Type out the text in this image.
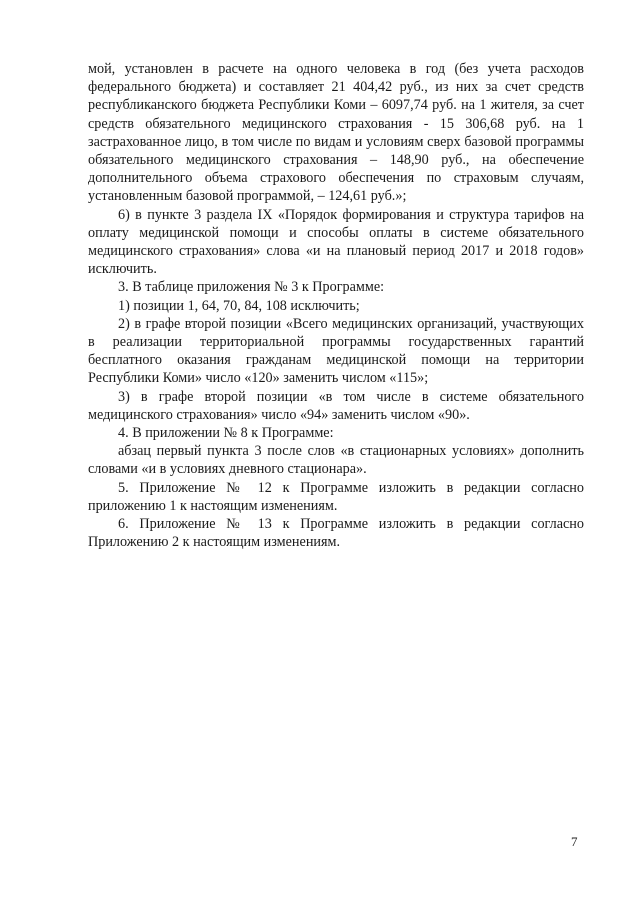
мой, установлен в расчете на одного человека в год (без учета расходов федерального бюджета) и составляет 21 404,42 руб., из них за счет средств республиканского бюджета Республики Коми – 6097,74 руб. на 1 жителя, за счет средств обязательного медицинского страхования - 15 306,68 руб. на 1 застрахованное лицо, в том числе по видам и условиям сверх базовой программы обязательного медицинского страхования – 148,90 руб., на обеспечение дополнительного объема страхового обеспечения по страховым случаям, установленным базовой программой, – 124,61 руб.»;

6) в пункте 3 раздела IX «Порядок формирования и структура тарифов на оплату медицинской помощи и способы оплаты в системе обязательного медицинского страхования» слова «и на плановый период 2017 и 2018 годов» исключить.

3. В таблице приложения № 3 к Программе:

1) позиции 1, 64, 70, 84, 108 исключить;

2) в графе второй позиции «Всего медицинских организаций, участвующих в реализации территориальной программы государственных гарантий бесплатного оказания гражданам медицинской помощи на территории Республики Коми» число «120» заменить числом «115»;

3) в графе второй позиции «в том числе в системе обязательного медицинского страхования» число «94» заменить числом «90».

4. В приложении № 8 к Программе:

абзац первый пункта 3 после слов «в стационарных условиях» дополнить словами «и в условиях дневного стационара».

5. Приложение № 12 к Программе изложить в редакции согласно приложению 1 к настоящим изменениям.

6. Приложение № 13 к Программе изложить в редакции согласно Приложению 2 к настоящим изменениям.

7
